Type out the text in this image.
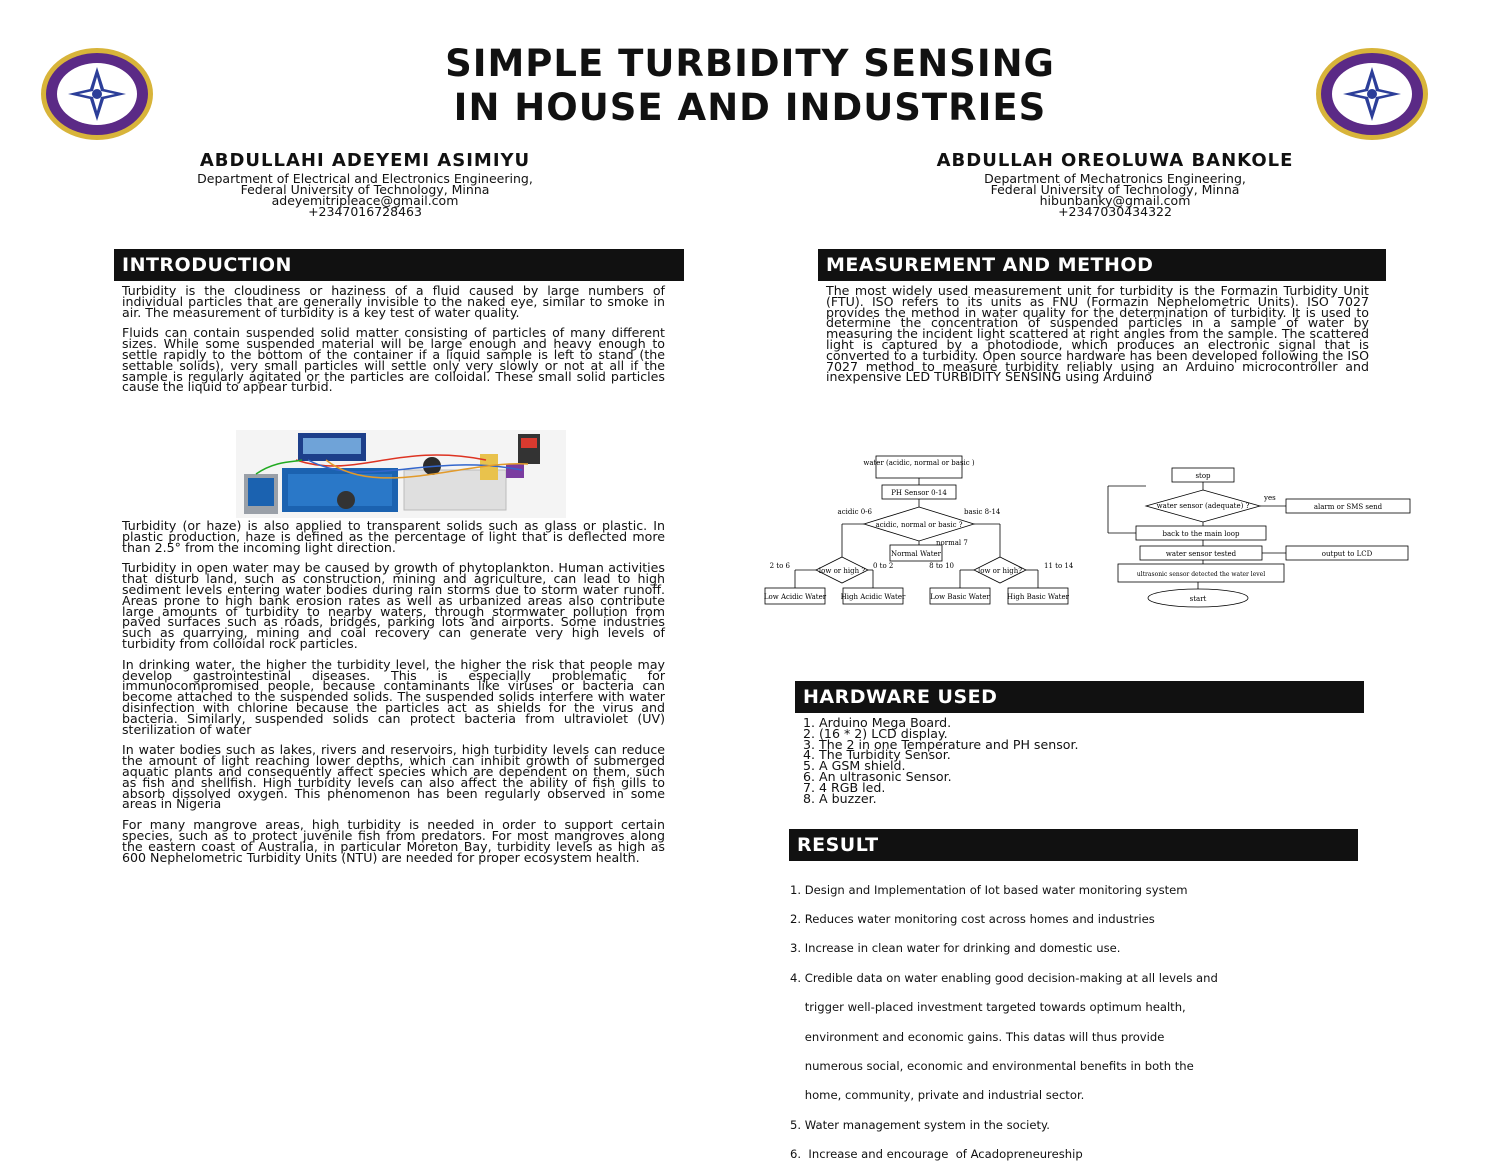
SIMPLE TURBIDITY SENSING
IN HOUSE AND INDUSTRIES
ABDULLAHI ADEYEMI ASIMIYU
Department of Electrical and Electronics Engineering,
Federal University of Technology, Minna
adeyemitripleace@gmail.com
+2347016728463
ABDULLAH OREOLUWA BANKOLE
Department of Mechatronics Engineering,
Federal University of Technology, Minna
hibunbanky@gmail.com
+2347030434322
INTRODUCTION

Turbidity is the cloudiness or haziness of a fluid caused by large numbers of individual particles that are generally invisible to the naked eye, similar to smoke in air. The measurement of turbidity is a key test of water quality.

Fluids can contain suspended solid matter consisting of particles of many different sizes. While some suspended material will be large enough and heavy enough to settle rapidly to the bottom of the container if a liquid sample is left to stand (the settable solids), very small particles will settle only very slowly or not at all if the sample is regularly agitated or the particles are colloidal. These small solid particles cause the liquid to appear turbid.

Turbidity (or haze) is also applied to transparent solids such as glass or plastic. In plastic production, haze is defined as the percentage of light that is deflected more than 2.5° from the incoming light direction.

Turbidity in open water may be caused by growth of phytoplankton. Human activities that disturb land, such as construction, mining and agriculture, can lead to high sediment levels entering water bodies during rain storms due to storm water runoff. Areas prone to high bank erosion rates as well as urbanized areas also contribute large amounts of turbidity to nearby waters, through stormwater pollution from paved surfaces such as roads, bridges, parking lots and airports. Some industries such as quarrying, mining and coal recovery can generate very high levels of turbidity from colloidal rock particles.

In drinking water, the higher the turbidity level, the higher the risk that people may develop gastrointestinal diseases. This is especially problematic for immunocompromised people, because contaminants like viruses or bacteria can become attached to the suspended solids. The suspended solids interfere with water disinfection with chlorine because the particles act as shields for the virus and bacteria. Similarly, suspended solids can protect bacteria from ultraviolet (UV) sterilization of water

In water bodies such as lakes, rivers and reservoirs, high turbidity levels can reduce the amount of light reaching lower depths, which can inhibit growth of submerged aquatic plants and consequently affect species which are dependent on them, such as fish and shellfish. High turbidity levels can also affect the ability of fish gills to absorb dissolved oxygen. This phenomenon has been regularly observed in some areas in Nigeria

For many mangrove areas, high turbidity is needed in order to support certain species, such as to protect juvenile fish from predators. For most mangroves along the eastern coast of Australia, in particular Moreton Bay, turbidity levels as high as 600 Nephelometric Turbidity Units (NTU) are needed for proper ecosystem health.

MEASUREMENT AND METHOD

The most widely used measurement unit for turbidity is the Formazin Turbidity Unit (FTU). ISO refers to its units as FNU (Formazin Nephelometric Units). ISO 7027 provides the method in water quality for the determination of turbidity. It is used to determine the concentration of suspended particles in a sample of water by measuring the incident light scattered at right angles from the sample. The scattered light is captured by a photodiode, which produces an electronic signal that is converted to a turbidity. Open source hardware has been developed following the ISO 7027 method to measure turbidity reliably using an Arduino microcontroller and inexpensive LED TURBIDITY SENSING using Arduino

water (acidic, normal or basic )
PH Sensor 0-14
acidic 0-6	basic 8-14
acidic, normal or basic ?
normal 7
Normal Water
low or high ?	low or high?
2 to 6	0 to 2	8 to 10	11 to 14
Low Acidic Water High Acidic Water	Low Basic Water High Basic Water
stop
water sensor (adequate) ?
yes
alarm or SMS send
back to the main loop
water sensor tested	output to LCD
ultrasonic sensor detected the water level
start
HARDWARE USED
1. Arduino Mega Board.
2. (16 * 2) LCD display.
3. The 2 in one Temperature and PH sensor.
4. The Turbidity Sensor.
5. A GSM shield.
6. An ultrasonic Sensor.
7. 4 RGB led.
8. A buzzer.
RESULT

1. Design and Implementation of Iot based water monitoring system

2. Reduces water monitoring cost across homes and industries

3. Increase in clean water for drinking and domestic use.

4. Credible data on water enabling good decision-making at all levels and

trigger well-placed investment targeted towards optimum health,

environment and economic gains. This datas will thus provide

numerous social, economic and environmental benefits in both the

home, community, private and industrial sector.

5. Water management system in the society.

6.  Increase and encourage  of Acadopreneureship
